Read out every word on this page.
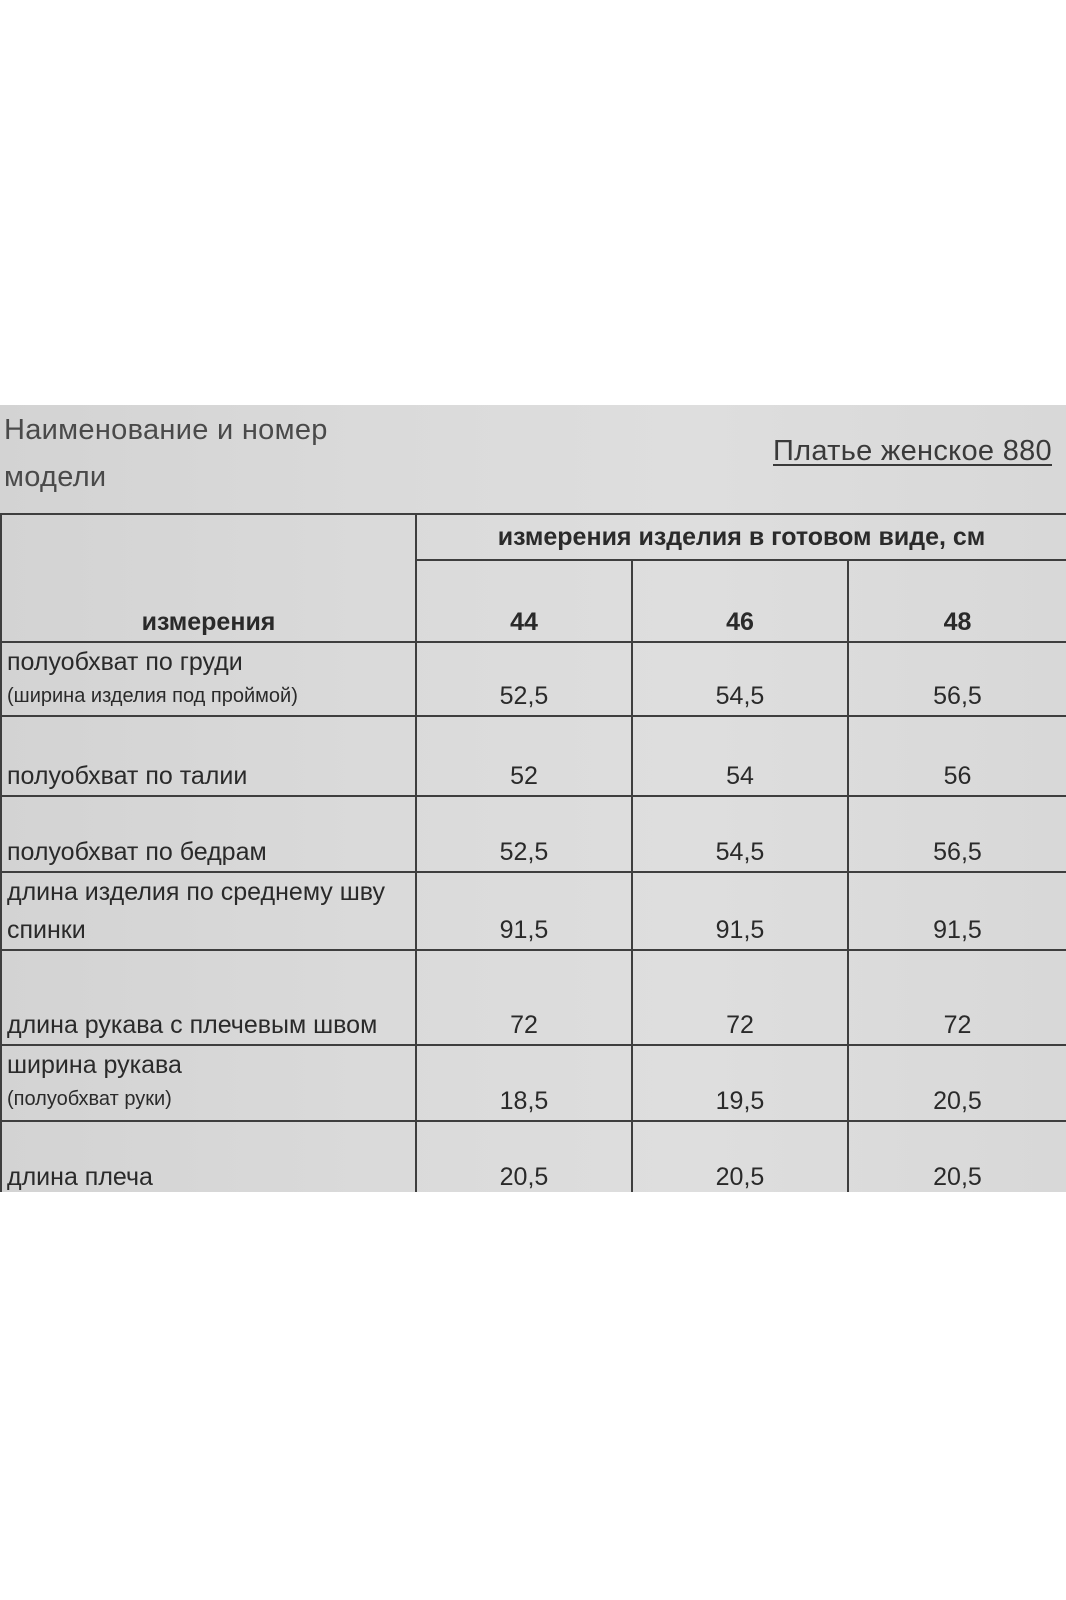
Наименование и номер
модели
Платье женское 880
измерения	измерения изделия в готовом виде, см		
	44	46	48
полуобхват по груди
(ширина изделия под проймой)	52,5	54,5	56,5
полуобхват по талии	52	54	56
полуобхват по бедрам	52,5	54,5	56,5
длина изделия по среднему шву спинки	91,5	91,5	91,5
длина рукава с плечевым швом	72	72	72
ширина рукава
(полуобхват руки)	18,5	19,5	20,5
длина плеча	20,5	20,5	20,5
